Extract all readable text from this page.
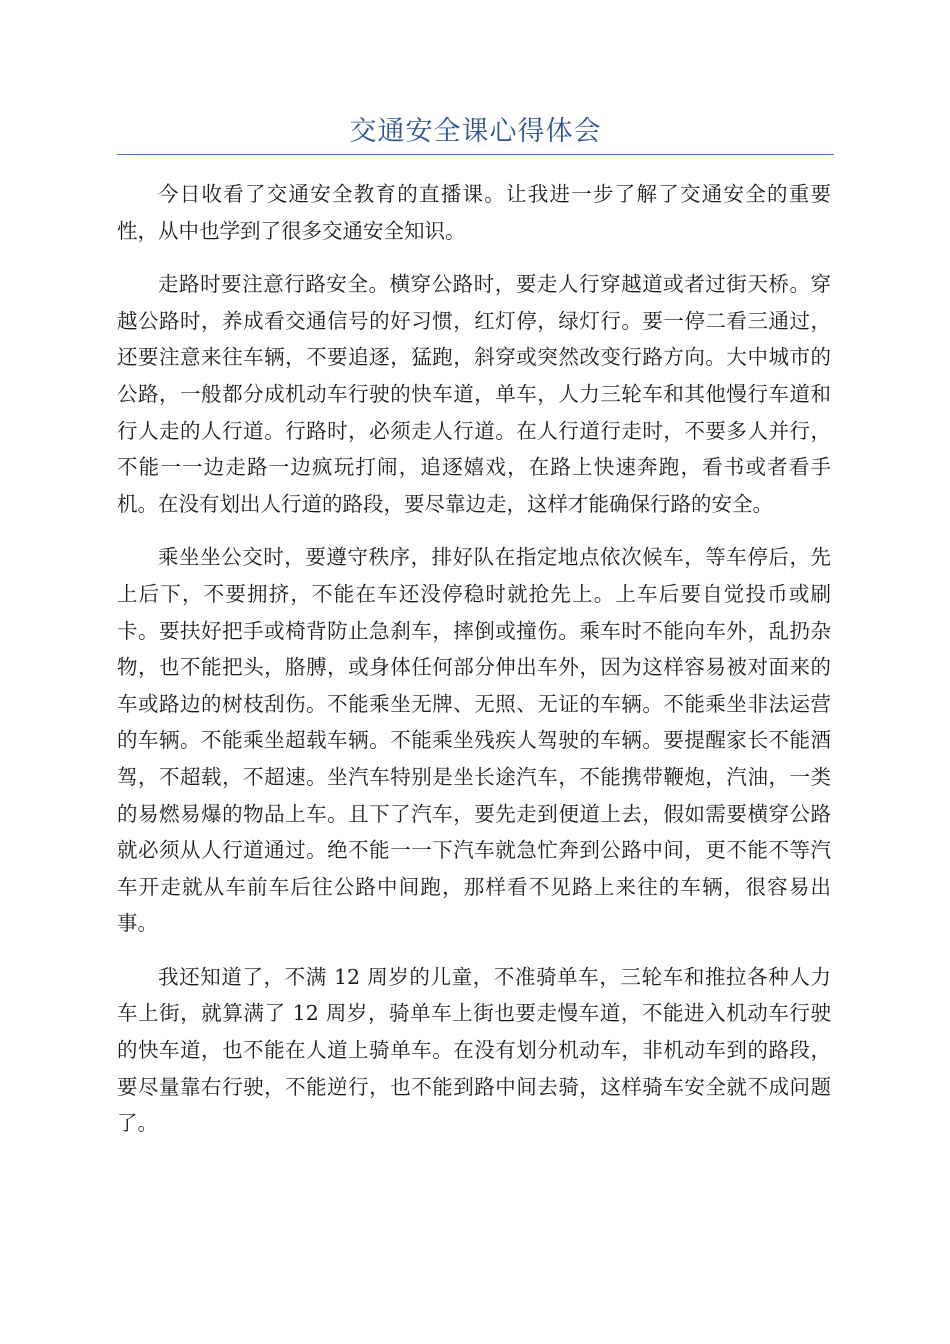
交通安全课心得体会

今日收看了交通安全教育的直播课。让我进一步了解了交通安全的重要性，从中也学到了很多交通安全知识。

走路时要注意行路安全。横穿公路时，要走人行穿越道或者过街天桥。穿越公路时，养成看交通信号的好习惯，红灯停，绿灯行。要一停二看三通过，还要注意来往车辆，不要追逐，猛跑，斜穿或突然改变行路方向。大中城市的公路，一般都分成机动车行驶的快车道，单车，人力三轮车和其他慢行车道和行人走的人行道。行路时，必须走人行道。在人行道行走时，不要多人并行，不能一一边走路一边疯玩打闹，追逐嬉戏，在路上快速奔跑，看书或者看手机。在没有划出人行道的路段，要尽靠边走，这样才能确保行路的安全。

乘坐坐公交时，要遵守秩序，排好队在指定地点依次候车，等车停后，先上后下，不要拥挤，不能在车还没停稳时就抢先上。上车后要自觉投币或刷卡。要扶好把手或椅背防止急刹车，摔倒或撞伤。乘车时不能向车外，乱扔杂物，也不能把头，胳膊，或身体任何部分伸出车外，因为这样容易被对面来的车或路边的树枝刮伤。不能乘坐无牌、无照、无证的车辆。不能乘坐非法运营的车辆。不能乘坐超载车辆。不能乘坐残疾人驾驶的车辆。要提醒家长不能酒驾，不超载，不超速。坐汽车特别是坐长途汽车，不能携带鞭炮，汽油，一类的易燃易爆的物品上车。且下了汽车，要先走到便道上去，假如需要横穿公路就必须从人行道通过。绝不能一一下汽车就急忙奔到公路中间，更不能不等汽车开走就从车前车后往公路中间跑，那样看不见路上来往的车辆，很容易出事。

我还知道了，不满 12 周岁的儿童，不准骑单车，三轮车和推拉各种人力车上街，就算满了 12 周岁，骑单车上街也要走慢车道，不能进入机动车行驶的快车道，也不能在人道上骑单车。在没有划分机动车，非机动车到的路段，要尽量靠右行驶，不能逆行，也不能到路中间去骑，这样骑车安全就不成问题了。
